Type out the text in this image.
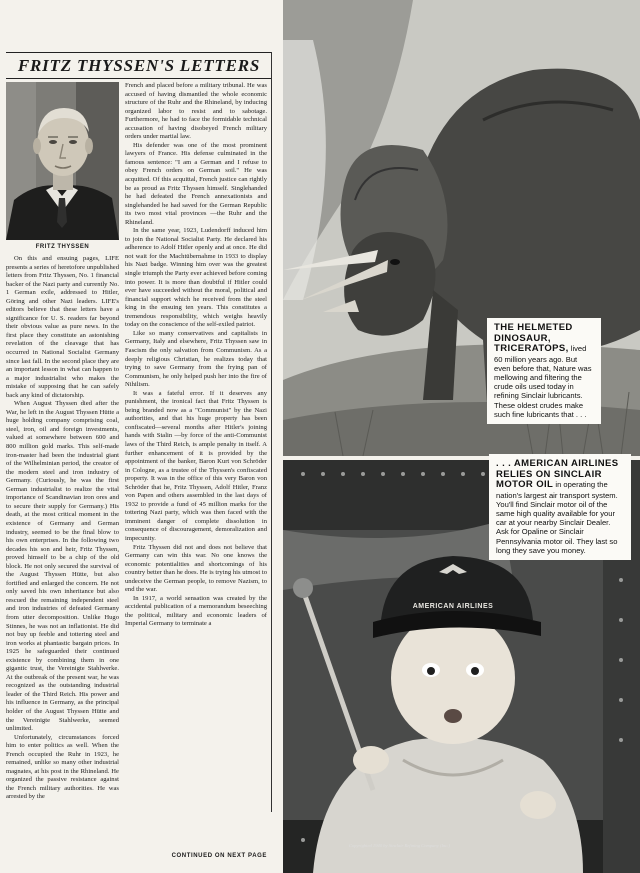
FRITZ THYSSEN'S LETTERS
FRITZ THYSSEN

On this and ensuing pages, LIFE presents a series of heretofore unpublished letters from Fritz Thyssen, No. 1 financial backer of the Nazi party and currently No. 1 German exile, addressed to Hitler, Göring and other Nazi leaders. LIFE's editors believe that these letters have a significance for U. S. readers far beyond their obvious value as pure news. In the first place they constitute an astonishing revelation of the cleavage that has occurred in National Socialist Germany since last fall. In the second place they are an important lesson in what can happen to a major industrialist who makes the mistake of supposing that he can safely back any kind of dictatorship.

When August Thyssen died after the War, he left in the August Thyssen Hütte a huge holding company comprising coal, steel, iron, oil and foreign investments, valued at somewhere between 600 and 800 million gold marks. This self-made iron-master had been the industrial giant of the Wilhelminian period, the creator of the modern steel and iron industry of Germany. (Curiously, he was the first German industrialist to realize the vital importance of Scandinavian iron ores and to secure their supply for Germany.) His death, at the most critical moment in the existence of Germany and German industry, seemed to be the final blow to his own enterprises. In the following two decades his son and heir, Fritz Thyssen, proved himself to be a chip of the old block. He not only secured the survival of the August Thyssen Hütte, but also fortified and enlarged the concern. He not only saved his own inheritance but also rescued the remaining independent steel and iron industries of defeated Germany from utter decomposition. Unlike Hugo Stinnes, he was not an inflationist. He did not buy up feeble and tottering steel and iron works at phantastic bargain prices. In 1925 he safeguarded their continued existence by combining them in one gigantic trust, the Vereinigte Stahlwerke. At the outbreak of the present war, he was recognized as the outstanding industrial leader of the Third Reich. His power and his influence in Germany, as the principal holder of the August Thyssen Hütte and the Vereinigte Stahlwerke, seemed unlimited.

Unfortunately, circumstances forced him to enter politics as well. When the French occupied the Ruhr in 1923, he remained, unlike so many other industrial magnates, at his post in the Rhineland. He organized the passive resistance against the French military authorities. He was arrested by the

French and placed before a military tribunal. He was accused of having dismantled the whole economic structure of the Ruhr and the Rhineland, by inducing organized labor to resist and to sabotage. Furthermore, he had to face the formidable technical accusation of having disobeyed French military orders under martial law.

His defender was one of the most prominent lawyers of France. His defense culminated in the famous sentence: "I am a German and I refuse to obey French orders on German soil." He was acquitted. Of this acquittal, French justice can rightly be as proud as Fritz Thyssen himself. Singlehanded he had defeated the French annexationists and singlehanded he had saved for the German Republic its two most vital provinces —the Ruhr and the Rhineland.

In the same year, 1923, Ludendorff induced him to join the National Socialist Party. He declared his adherence to Adolf Hitler openly and at once. He did not wait for the Machtübernahme in 1933 to display his Nazi badge. Winning him over was the greatest single triumph the Party ever achieved before coming into power. It is more than doubtful if Hitler could ever have succeeded without the moral, political and financial support which he received from the steel king in the ensuing ten years. This constitutes a tremendous responsibility, which weighs heavily today on the conscience of the self-exiled patriot.

Like so many conservatives and capitalists in Germany, Italy and elsewhere, Fritz Thyssen saw in Fascism the only salvation from Communism. As a deeply religious Christian, he realizes today that trying to save Germany from the frying pan of Communism, he only helped push her into the fire of Nihilism.

It was a fateful error. If it deserves any punishment, the ironical fact that Fritz Thyssen is being branded now as a "Communist" by the Nazi authorities, and that his huge property has been confiscated—several months after Hitler's joining hands with Stalin —by force of the anti-Communist laws of the Third Reich, is ample penalty in itself. A further enhancement of it is provided by the appointment of the banker, Baron Kurt von Schröder in Cologne, as a trustee of the Thyssen's confiscated property. It was in the office of this very Baron von Schröder that he, Fritz Thyssen, Adolf Hitler, Franz von Papen and others assembled in the last days of 1932 to provide a fund of 45 million marks for the tottering Nazi party, which was then faced with the imminent danger of complete dissolution in consequence of discouragement, demoralization and impecunity.

Fritz Thyssen did not and does not believe that Germany can win this war. No one knows the economic potentialities and shortcomings of his country better than he does. He is trying his utmost to undeceive the German people, to remove Nazism, to end the war.

In 1917, a world sensation was created by the accidental publication of a memorandum beseeching the political, military and economic leaders of Imperial Germany to terminate a

CONTINUED ON NEXT PAGE
AMERICAN AIRLINES
Copyrighted 1940 by Sinclair Refining Company (Inc.)
THE HELMETED DINOSAUR, TRICERATOPS, lived 60 million years ago. But even before that, Nature was mellowing and filtering the crude oils used today in refining Sinclair lubricants. These oldest crudes make such fine lubricants that . . .
. . . AMERICAN AIRLINES RELIES ON SINCLAIR MOTOR OIL in operating the nation's largest air transport system. You'll find Sinclair motor oil of the same high quality available for your car at your nearby Sinclair Dealer. Ask for Opaline or Sinclair Pennsylvania motor oil. They last so long they save you money.
